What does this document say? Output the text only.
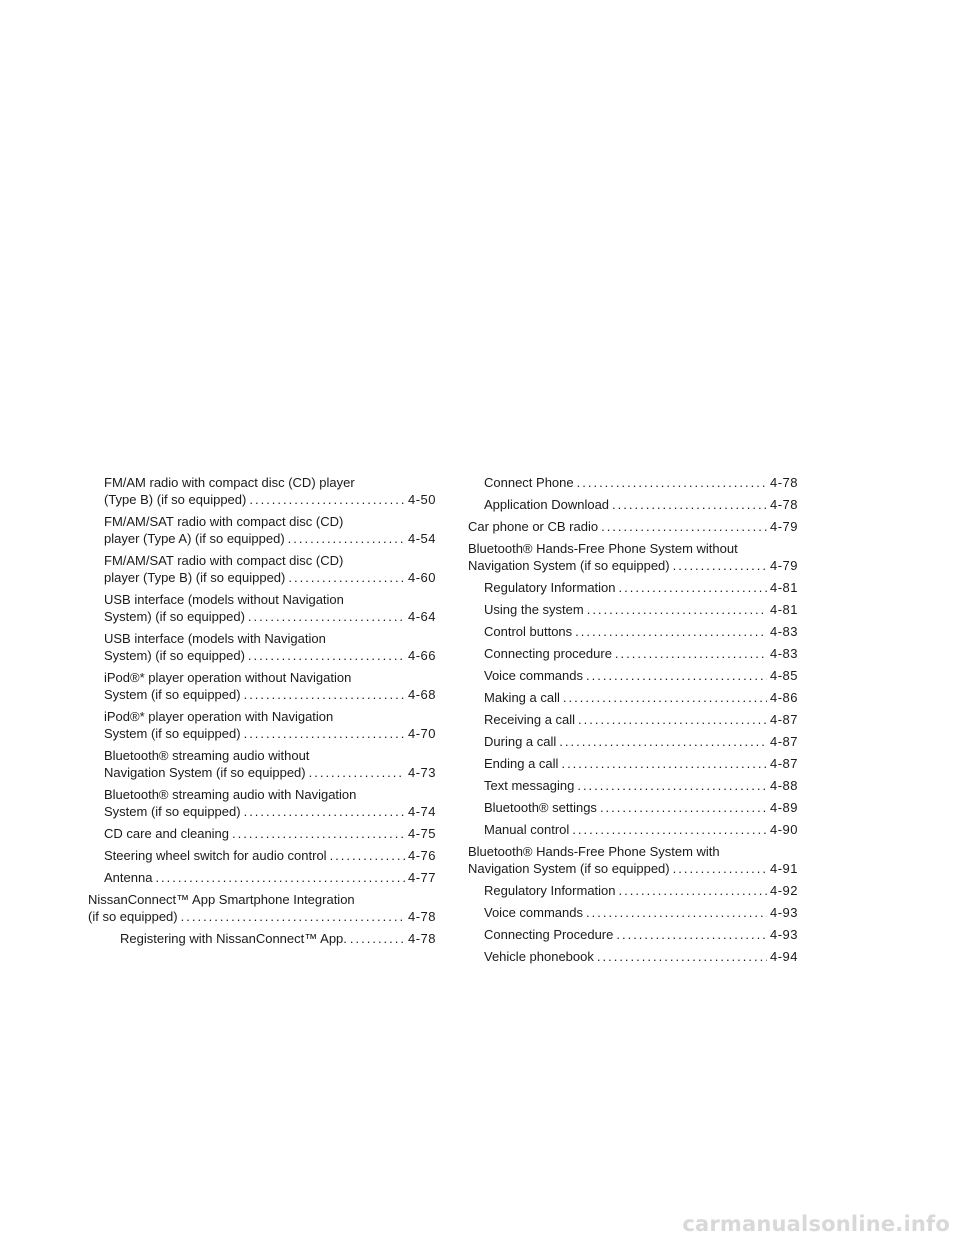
FM/AM radio with compact disc (CD) player
(Type B) (if so equipped) .....	4-50
FM/AM/SAT radio with compact disc (CD)
player (Type A) (if so equipped) .....	4-54
FM/AM/SAT radio with compact disc (CD)
player (Type B) (if so equipped) .....	4-60
USB interface (models without Navigation
System) (if so equipped) .....	4-64
USB interface (models with Navigation
System) (if so equipped) .....	4-66
iPod®* player operation without Navigation
System (if so equipped) .....	4-68
iPod®* player operation with Navigation
System (if so equipped) .....	4-70
Bluetooth® streaming audio without
Navigation System (if so equipped) .....	4-73
Bluetooth® streaming audio with Navigation
System (if so equipped) .....	4-74
CD care and cleaning .....	4-75
Steering wheel switch for audio control .....	4-76
Antenna .....	4-77
NissanConnect™ App Smartphone Integration
(if so equipped) .....	4-78
Registering with NissanConnect™ App. .....	4-78
Connect Phone .....	4-78
Application Download .....	4-78
Car phone or CB radio .....	4-79
Bluetooth® Hands-Free Phone System without
Navigation System (if so equipped) .....	4-79
Regulatory Information .....	4-81
Using the system .....	4-81
Control buttons .....	4-83
Connecting procedure .....	4-83
Voice commands .....	4-85
Making a call .....	4-86
Receiving a call .....	4-87
During a call .....	4-87
Ending a call .....	4-87
Text messaging .....	4-88
Bluetooth® settings .....	4-89
Manual control .....	4-90
Bluetooth® Hands-Free Phone System with
Navigation System (if so equipped) .....	4-91
Regulatory Information .....	4-92
Voice commands .....	4-93
Connecting Procedure .....	4-93
Vehicle phonebook .....	4-94
carmanualsonline.info
